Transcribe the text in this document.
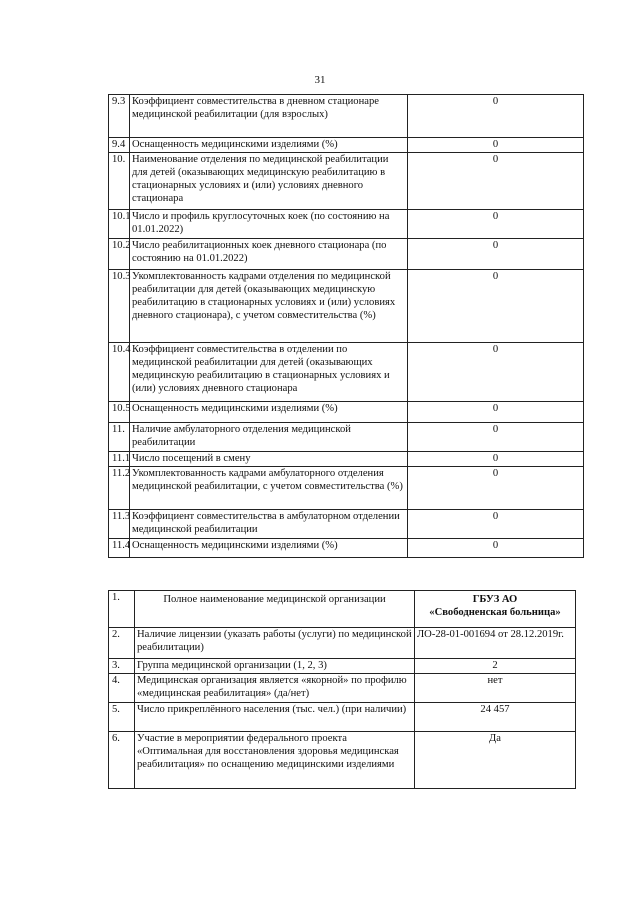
31
9.3	Коэффициент совместительства в дневном стационаре медицинской реабилитации (для взрослых)	0
9.4	Оснащенность медицинскими изделиями (%)	0
10.	Наименование отделения по медицинской реабилитации для детей (оказывающих медицинскую реабилитацию в стационарных условиях и (или) условиях дневного стационара	0
10.1	Число и профиль круглосуточных коек (по состоянию на 01.01.2022)	0
10.2	Число реабилитационных коек дневного стационара (по состоянию на 01.01.2022)	0
10.3	Укомплектованность кадрами отделения по медицинской реабилитации для детей (оказывающих медицинскую реабилитацию в стационарных условиях и (или) условиях дневного стационара), с учетом совместительства (%)	0
10.4	Коэффициент совместительства в отделении по медицинской реабилитации для детей (оказывающих медицинскую реабилитацию в стационарных условиях и (или) условиях дневного стационара	0
10.5	Оснащенность медицинскими изделиями (%)	0
11.	Наличие амбулаторного отделения медицинской реабилитации	0
11.1	Число посещений в смену	0
11.2	Укомплектованность кадрами амбулаторного отделения медицинской реабилитации, с учетом совместительства (%)	0
11.3	Коэффициент совместительства в амбулаторном отделении медицинской реабилитации	0
11.4	Оснащенность медицинскими изделиями (%)	0
1.	Полное наименование медицинской организации	ГБУЗ АО
«Свободненская больница»

2.	Наличие лицензии (указать работы (услуги) по медицинской реабилитации)	ЛО-28-01-001694 от 28.12.2019г.
3.	Группа медицинской организации (1, 2, 3)	2
4.	Медицинская организация является «якорной» по профилю «медицинская реабилитация» (да/нет)	нет
5.	Число прикреплённого населения (тыс. чел.) (при наличии)	24 457
6.	Участие в мероприятии федерального проекта «Оптимальная для восстановления здоровья медицинская реабилитация» по оснащению медицинскими изделиями	Да
